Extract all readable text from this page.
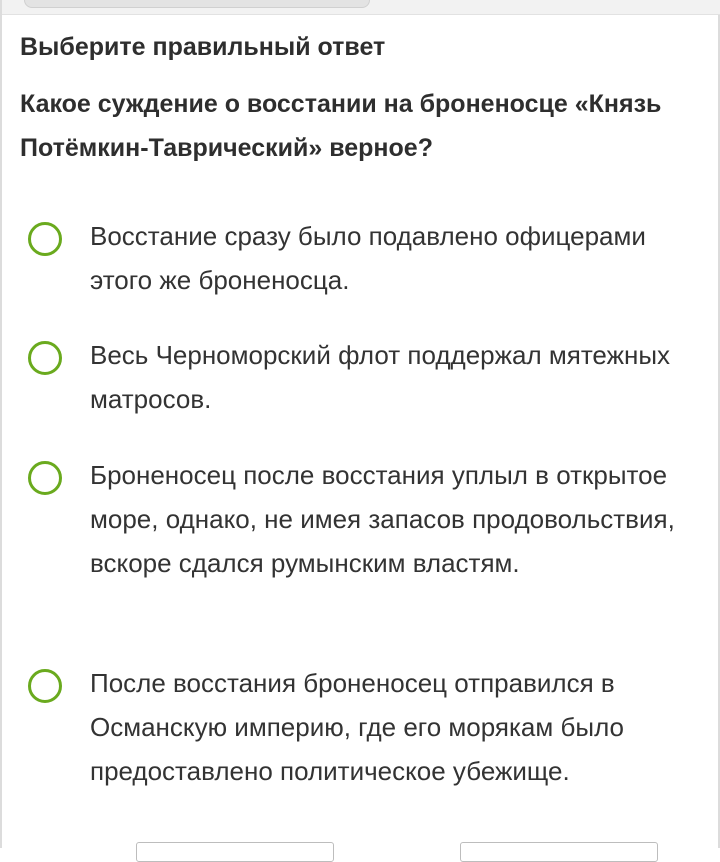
Выберите правильный ответ
Какое суждение о восстании на броненосце «Князь Потёмкин-Таврический» верное?
Восстание сразу было подавлено офицерами этого же броненосца.
Весь Черноморский флот поддержал мятежных матросов.
Броненосец после восстания уплыл в открытое море, однако, не имея запасов продовольствия, вскоре сдался румынским властям.
После восстания броненосец отправился в Османскую империю, где его морякам было предоставлено политическое убежище.
